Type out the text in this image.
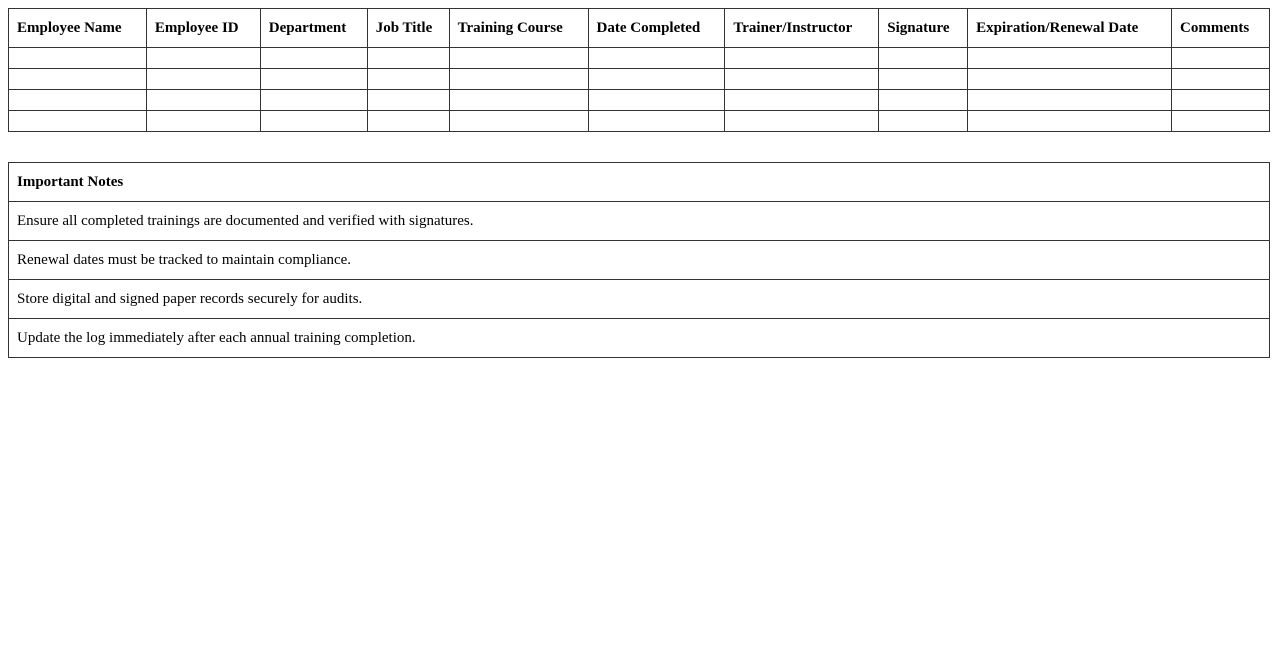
Employee Name	Employee ID	Department	Job Title	Training Course	Date Completed	Trainer/Instructor	Signature	Expiration/Renewal Date	Comments

Important Notes
Ensure all completed trainings are documented and verified with signatures.
Renewal dates must be tracked to maintain compliance.
Store digital and signed paper records securely for audits.
Update the log immediately after each annual training completion.
